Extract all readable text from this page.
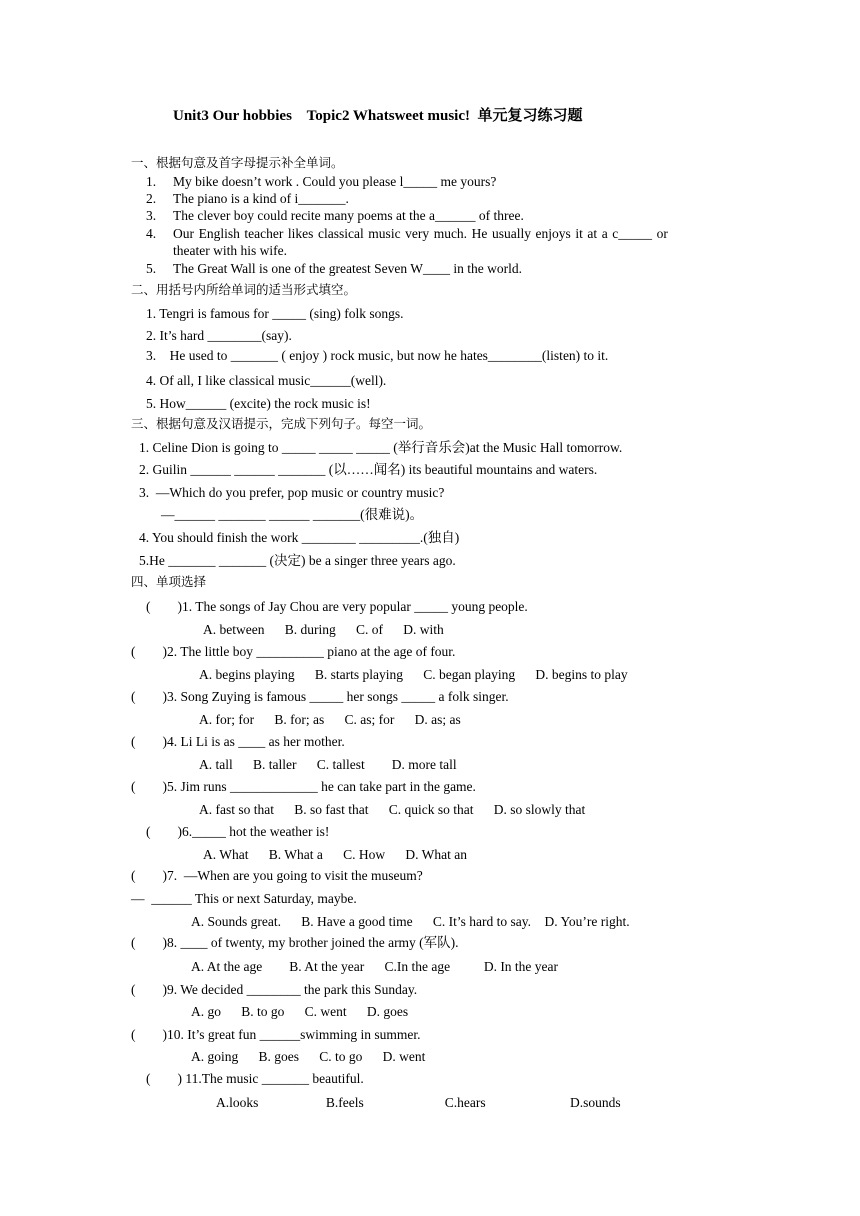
Unit3 Our hobbies    Topic2 Whatsweet music!  单元复习练习题
一、根据句意及首字母提示补全单词。
1. My bike doesn’t work . Could you please l_____ me yours?
2. The piano is a kind of i_______.
3. The clever boy could recite many poems at the a______ of three.
4. Our English teacher likes classical music very much. He usually enjoys it at a c_____ or
theater with his wife.
5. The Great Wall is one of the greatest Seven W____ in the world.
二、用括号内所给单词的适当形式填空。
1. Tengri is famous for _____ (sing) folk songs.
2. It’s hard ________(say).
3.    He used to _______ ( enjoy ) rock music, but now he hates________(listen) to it.
4. Of all, I like classical music______(well).
5. How______ (excite) the rock music is!
三、根据句意及汉语提示，完成下列句子。每空一词。
1. Celine Dion is going to _____ _____ _____ (举行音乐会)at the Music Hall tomorrow.
2. Guilin ______ ______ _______ (以……闻名) its beautiful mountains and waters.
3.  —Which do you prefer, pop music or country music?
—______ _______ ______ _______(很难说)。
4. You should finish the work ________ _________.(独自)
5.He _______ _______ (决定) be a singer three years ago.
四、单项选择
(        )1. The songs of Jay Chou are very popular _____ young people.
A. between      B. during      C. of      D. with
(        )2. The little boy __________ piano at the age of four.
A. begins playing      B. starts playing      C. began playing      D. begins to play
(        )3. Song Zuying is famous _____ her songs _____ a folk singer.
A. for; for      B. for; as      C. as; for      D. as; as
(        )4. Li Li is as ____ as her mother.
A. tall      B. taller      C. tallest        D. more tall
(        )5. Jim runs _____________ he can take part in the game.
A. fast so that      B. so fast that      C. quick so that      D. so slowly that
(        )6._____ hot the weather is!
A. What      B. What a      C. How      D. What an
(        )7.  —When are you going to visit the museum?
—  ______ This or next Saturday, maybe.
A. Sounds great.      B. Have a good time      C. It’s hard to say.    D. You’re right.
(        )8. ____ of twenty, my brother joined the army (军队).
A. At the age        B. At the year      C.In the age          D. In the year
(        )9. We decided ________ the park this Sunday.
A. go      B. to go      C. went      D. goes
(        )10. It’s great fun ______swimming in summer.
A. going      B. goes      C. to go      D. went
(        ) 11.The music _______ beautiful.
A.looks                    B.feels                        C.hears                         D.sounds
